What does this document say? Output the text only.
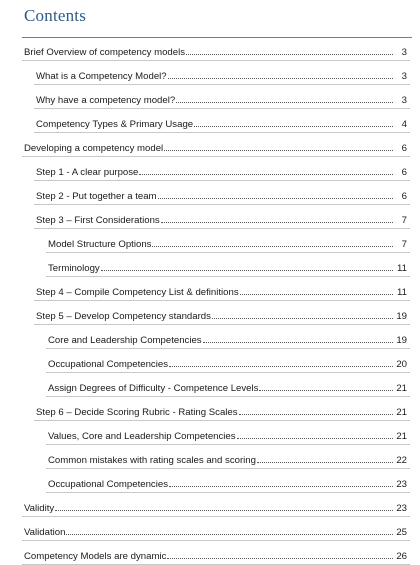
Contents
Brief Overview of competency models	3
What is a Competency Model?	3
Why have a competency model?	3
Competency Types & Primary Usage	4
Developing a competency model	6
Step 1 - A clear purpose	6
Step 2 - Put together a team	6
Step 3 – First Considerations	7
Model Structure Options	7
Terminology	11
Step 4 – Compile Competency List & definitions	11
Step 5 – Develop Competency standards	19
Core and Leadership Competencies	19
Occupational Competencies	20
Assign Degrees of Difficulty - Competence Levels	21
Step 6 – Decide Scoring Rubric - Rating Scales	21
Values, Core and Leadership Competencies	21
Common mistakes with rating scales and scoring	22
Occupational Competencies	23
Validity	23
Validation	25
Competency Models are dynamic	26
